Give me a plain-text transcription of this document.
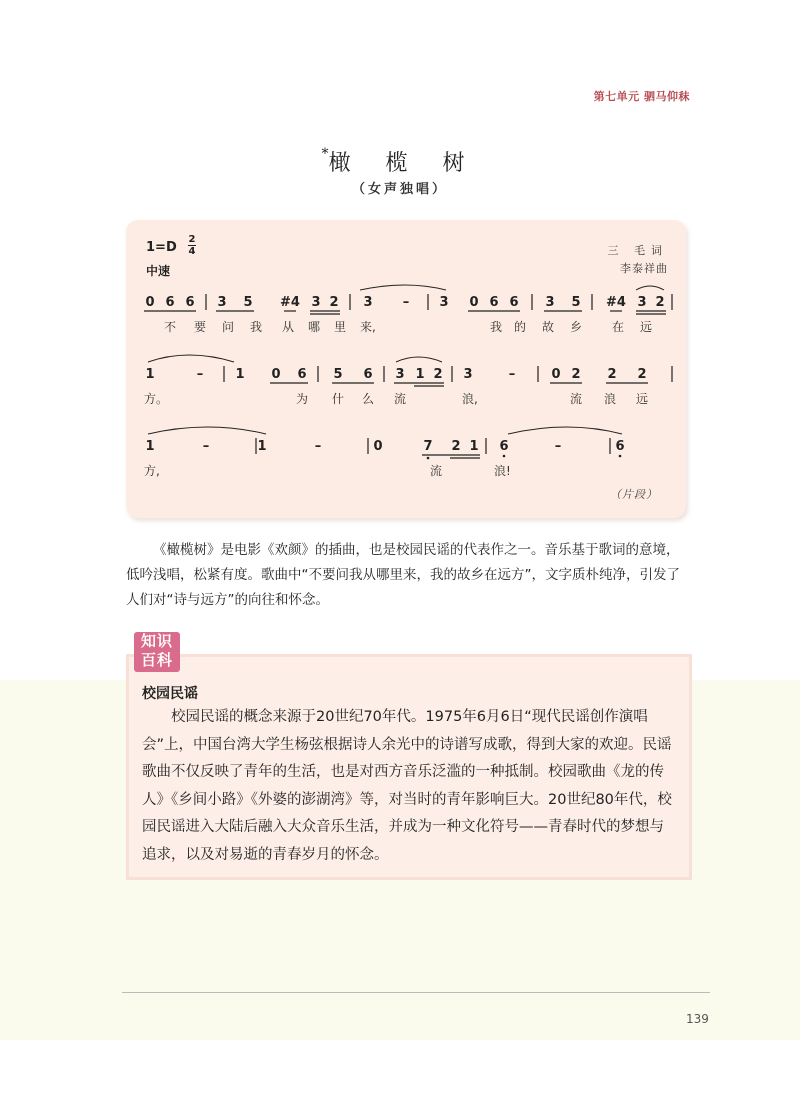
第七单元 驷马仰秣
*橄 榄 树
（女声独唱）
1=D
2
4
中速
三 毛词
李泰祥曲
0 6 6 3 5 #4 3 2 3 – 3 0 6 6 3 5 #4 3 2
不 要 问 我 从 哪 里 来,	我 的 故 乡 在 远
1	– 1 0 6 5 6 3 1 2 3	–	0 2 2 2
方。	为 什 么 流	浪,	流 浪 远
1	–	1	–	0	7 2 1 6	–	6
方,	流	浪!
（片段）
《橄榄树》是电影《欢颜》的插曲，也是校园民谣的代表作之一。音乐基于歌词的意境，低吟浅唱，松紧有度。歌曲中“不要问我从哪里来，我的故乡在远方”，文字质朴纯净，引发了人们对“诗与远方”的向往和怀念。
知识
百科
校园民谣
校园民谣的概念来源于20世纪70年代。1975年6月6日“现代民谣创作演唱会”上，中国台湾大学生杨弦根据诗人余光中的诗谱写成歌，得到大家的欢迎。民谣歌曲不仅反映了青年的生活，也是对西方音乐泛滥的一种抵制。校园歌曲《龙的传人》《乡间小路》《外婆的澎湖湾》等，对当时的青年影响巨大。20世纪80年代，校园民谣进入大陆后融入大众音乐生活，并成为一种文化符号——青春时代的梦想与追求，以及对易逝的青春岁月的怀念。
139
